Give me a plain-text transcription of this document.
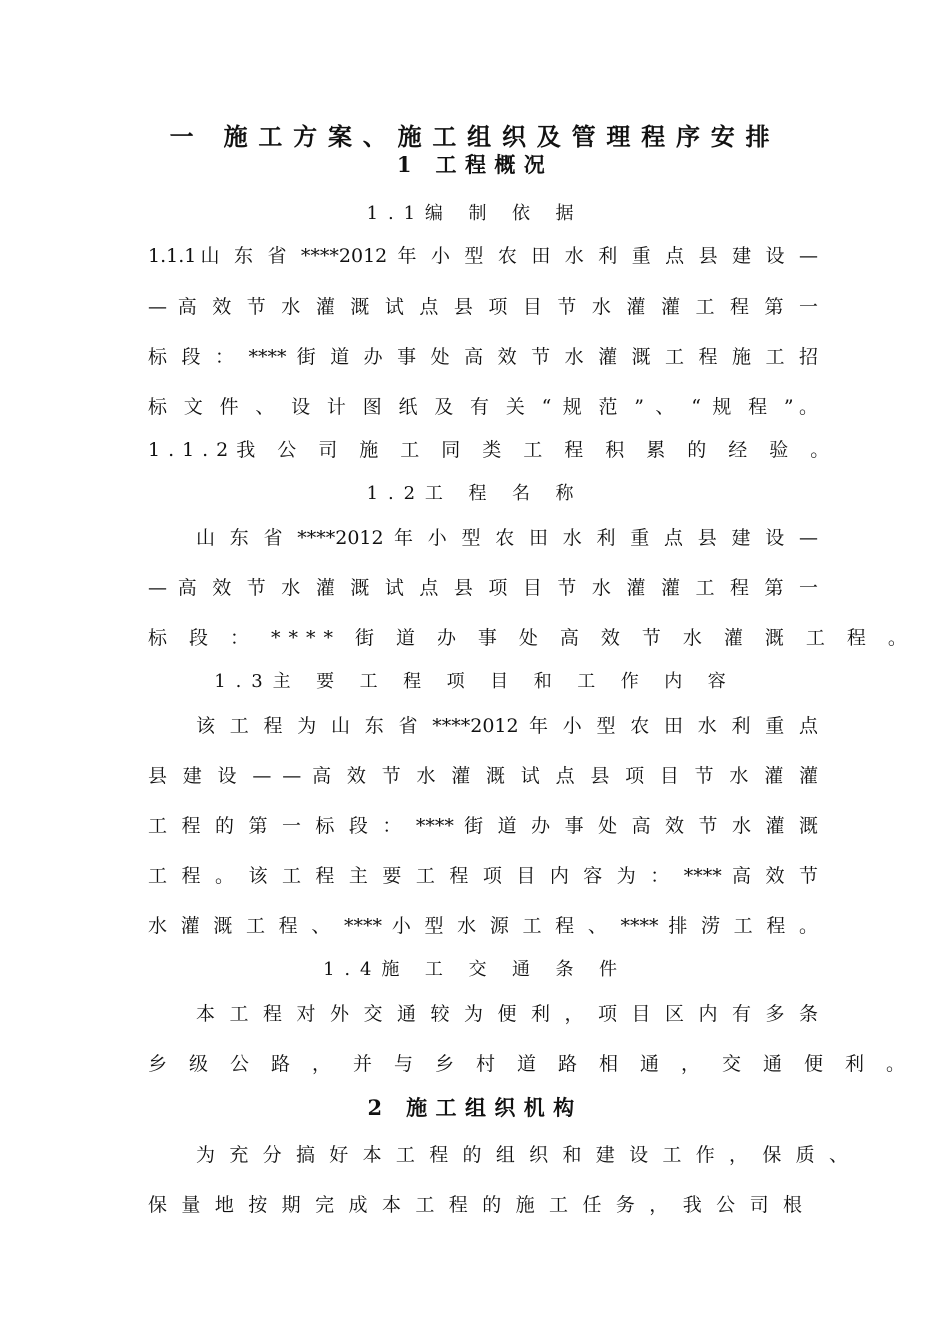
一 施工方案、施工组织及管理程序安排
1 工程概况

1.1编 制 依 据

1.1.1山 东 省 ****2012 年 小 型 农 田 水 利 重 点 县 建 设 —

— 高 效 节 水 灌 溉 试 点 县 项 目 节 水 灌 灌 工 程 第 一

标 段 ： **** 街 道 办 事 处 高 效 节 水 灌 溉 工 程 施 工 招

标 文 件 、 设 计 图 纸 及 有 关 “ 规 范 ” 、 “ 规 程 ”。

1.1.2我 公 司 施 工 同 类 工 程 积 累 的 经 验 。

1.2工 程 名 称

山 东 省 ****2012 年 小 型 农 田 水 利 重 点 县 建 设 —

— 高 效 节 水 灌 溉 试 点 县 项 目 节 水 灌 灌 工 程 第 一

标 段 ： **** 街 道 办 事 处 高 效 节 水 灌 溉 工 程 。

1.3主 要 工 程 项 目 和 工 作 内 容

该 工 程 为 山 东 省 ****2012 年 小 型 农 田 水 利 重 点

县 建 设 — — 高 效 节 水 灌 溉 试 点 县 项 目 节 水 灌 灌

工 程 的 第 一 标 段 ： **** 街 道 办 事 处 高 效 节 水 灌 溉

工 程 。 该 工 程 主 要 工 程 项 目 内 容 为 ： **** 高 效 节

水 灌 溉 工 程 、 **** 小 型 水 源 工 程 、 **** 排 涝 工 程 。

1.4施 工 交 通 条 件

本 工 程 对 外 交 通 较 为 便 利 ， 项 目 区 内 有 多 条

乡 级 公 路 ， 并 与 乡 村 道 路 相 通 ， 交 通 便 利 。

2 施工组织机构

为 充 分 搞 好 本 工 程 的 组 织 和 建 设 工 作 ， 保 质 、

保 量 地 按 期 完 成 本 工 程 的 施 工 任 务 ， 我 公 司 根
